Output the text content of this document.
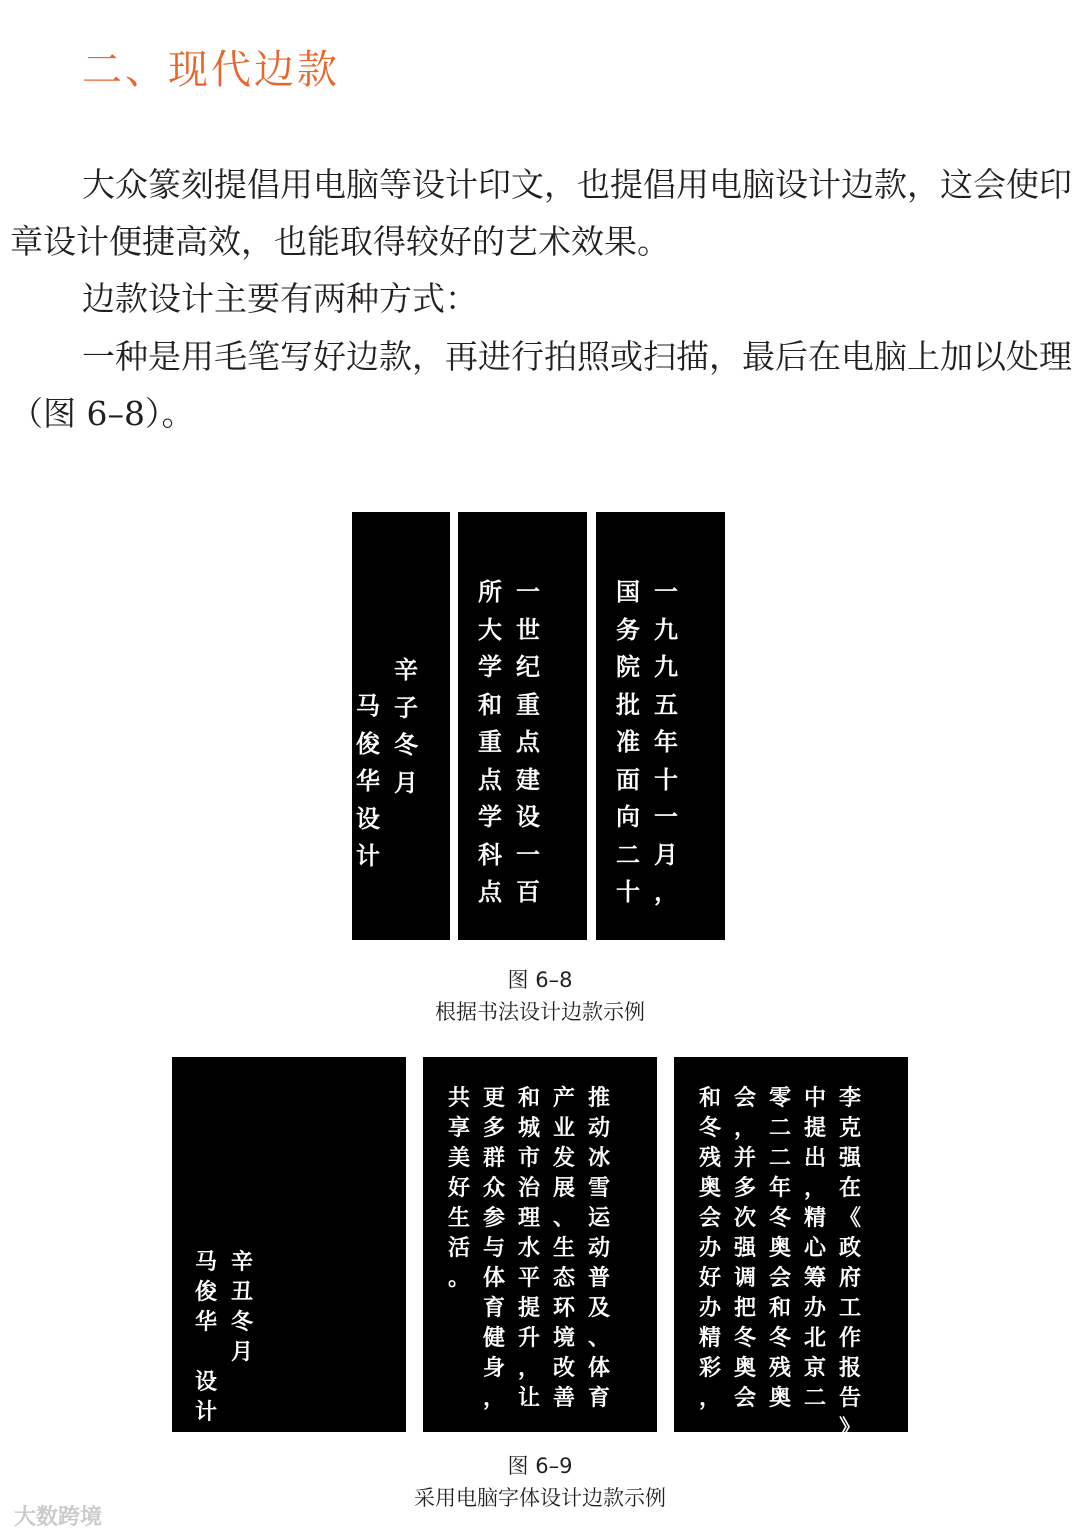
二、现代边款

大众篆刻提倡用电脑等设计印文，也提倡用电脑设计边款，这会使印章设计便捷高效，也能取得较好的艺术效果。

边款设计主要有两种方式：

一种是用毛笔写好边款，再进行拍照或扫描，最后在电脑上加以处理（图 6–8）。

辛
子
冬
月
马
俊
华
设
计
一
世
纪
重
点
建
设
一
百
所
大
学
和
重
点
学
科
点
一
九
九
五
年
十
一
月
，
国
务
院
批
准
面
向
二
十

图 6–8

根据书法设计边款示例

辛
丑
冬
月
马
俊
华
设
计
推
动
冰
雪
运
动
普
及
、
体
育
产
业
发
展
、
生
态
环
境
改
善
和
城
市
治
理
水
平
提
升
，
让
更
多
群
众
参
与
体
育
健
身
，
共
享
美
好
生
活
。
李
克
强
在
《
政
府
工
作
报
告
》
中
提
出
，
精
心
筹
办
北
京
二
零
二
二
年
冬
奥
会
和
冬
残
奥
会
，
并
多
次
强
调
把
冬
奥
会
和
冬
残
奥
会
办
好
办
精
彩
，

图 6–9

采用电脑字体设计边款示例

大数跨境
